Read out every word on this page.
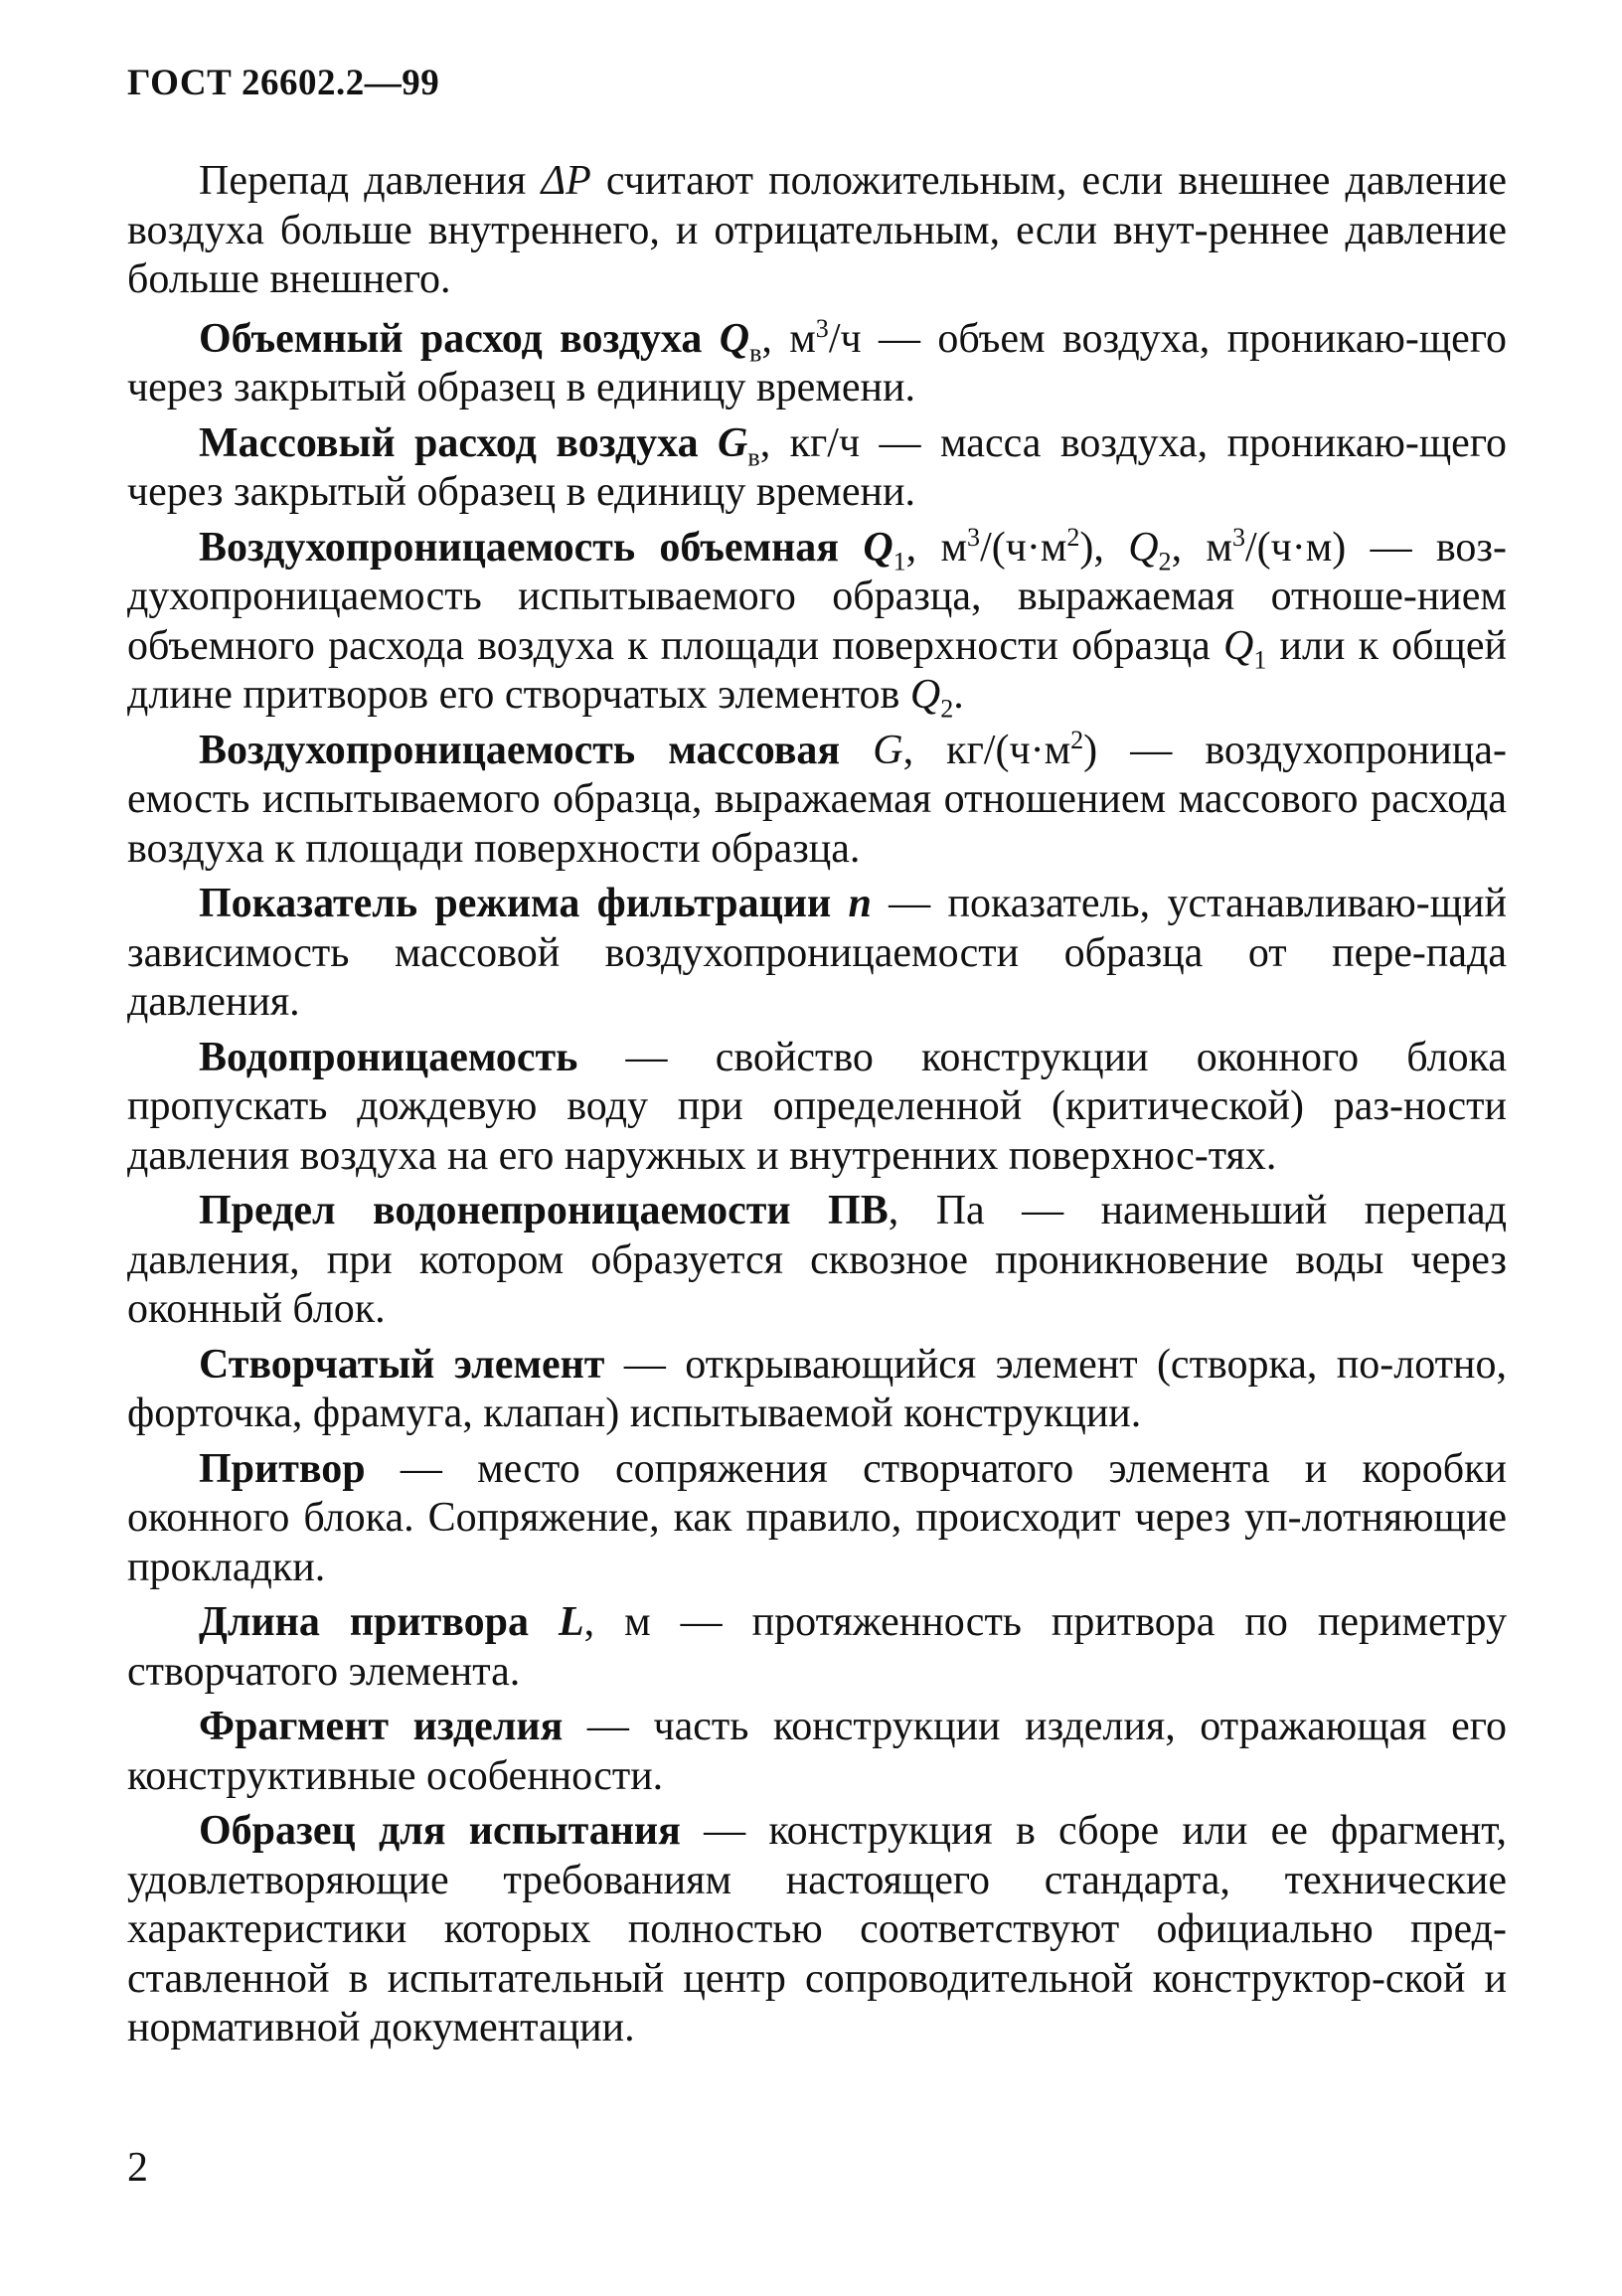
ГОСТ 26602.2—99

Перепад давления ΔP считают положительным, если внешнее давление воздуха больше внутреннего, и отрицательным, если внут-реннее давление больше внешнего.

Объемный расход воздуха $Q_в$, $м^3/ч$ — объем воздуха, проникаю-щего через закрытый образец в единицу времени.

Массовый расход воздуха $G_в$, кг/ч — масса воздуха, проникаю-щего через закрытый образец в единицу времени.

Воздухопроницаемость объемная $Q_1$, $м^3/(ч\cdot м^2)$, $Q_2$, $м^3/(ч\cdot м)$ — воз-духопроницаемость испытываемого образца, выражаемая отноше-нием объемного расхода воздуха к площади поверхности образца $Q_1$ или к общей длине притворов его створчатых элементов $Q_2$.

Воздухопроницаемость массовая G, $кг/(ч\cdot м^2)$ — воздухопроница-емость испытываемого образца, выражаемая отношением массового расхода воздуха к площади поверхности образца.

Показатель режима фильтрации n — показатель, устанавливаю-щий зависимость массовой воздухопроницаемости образца от пере-пада давления.

Водопроницаемость — свойство конструкции оконного блока пропускать дождевую воду при определенной (критической) раз-ности давления воздуха на его наружных и внутренних поверхнос-тях.

Предел водонепроницаемости ПВ, Па — наименьший перепад давления, при котором образуется сквозное проникновение воды через оконный блок.

Створчатый элемент — открывающийся элемент (створка, по-лотно, форточка, фрамуга, клапан) испытываемой конструкции.

Притвор — место сопряжения створчатого элемента и коробки оконного блока. Сопряжение, как правило, происходит через уп-лотняющие прокладки.

Длина притвора L, м — протяженность притвора по периметру створчатого элемента.

Фрагмент изделия — часть конструкции изделия, отражающая его конструктивные особенности.

Образец для испытания — конструкция в сборе или ее фрагмент, удовлетворяющие требованиям настоящего стандарта, технические характеристики которых полностью соответствуют официально пред-ставленной в испытательный центр сопроводительной конструктор-ской и нормативной документации.

2
